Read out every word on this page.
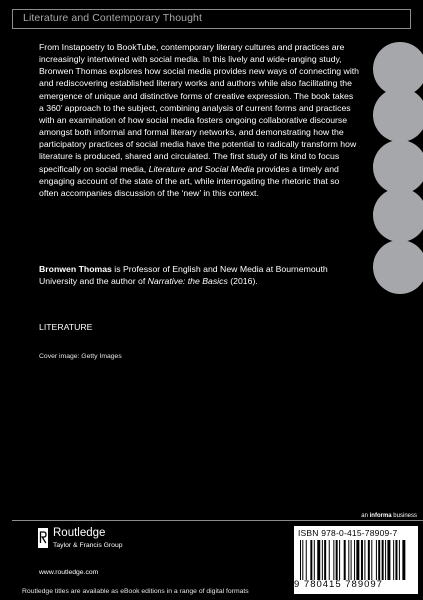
Literature and Contemporary Thought

From Instapoetry to BookTube, contemporary literary cultures and practices are increasingly intertwined with social media. In this lively and wide-ranging study, Bronwen Thomas explores how social media provides new ways of connecting with and rediscovering established literary works and authors while also facilitating the emergence of unique and distinctive forms of creative expression. The book takes a 360’ approach to the subject, combining analysis of current forms and practices with an examination of how social media fosters ongoing collaborative discourse amongst both informal and formal literary networks, and demonstrating how the participatory practices of social media have the potential to radically transform how literature is produced, shared and circulated. The first study of its kind to focus specifically on social media, Literature and Social Media provides a timely and engaging account of the state of the art, while interrogating the rhetoric that so often accompanies discussion of the ‘new’ in this context.

Bronwen Thomas is Professor of English and New Media at Bournemouth University and the author of Narrative: the Basics (2016).
LITERATURE
Cover image: Getty Images
an informa business
Routledge
Taylor & Francis Group
www.routledge.com
Routledge titles are available as eBook editions in a range of digital formats
ISBN 978-0-415-78909-7
9 780415 789097
